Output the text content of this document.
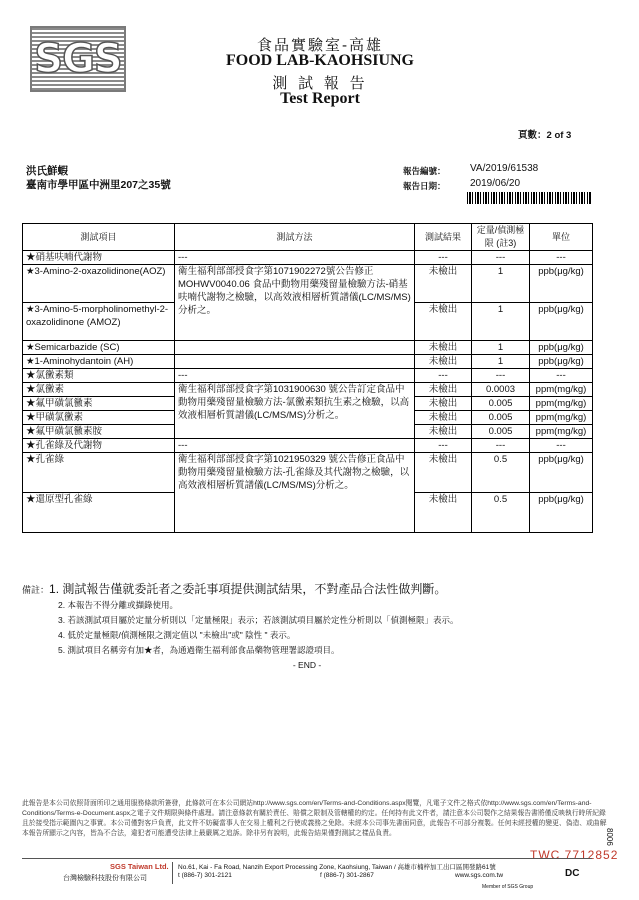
SGS	食品實驗室-高雄
FOOD LAB-KAOHSIUNG
測 試 報 告
Test Report
頁數：2 of 3
洪氏鮮蝦
臺南市學甲區中洲里207之35號
報告編號： VA/2019/61538
報告日期： 2019/06/20
測試項目	測試方法	測試結果	定量/偵測極限 (註3)	單位
★硝基呋喃代謝物	---	---	---	---
★3-Amino-2-oxazolidinone(AOZ)	衛生福利部部授食字第1071902272號公告修正MOHWV0040.06 食品中動物用藥殘留量檢驗方法-硝基呋喃代謝物之檢驗，以高效液相層析質譜儀(LC/MS/MS)分析之。	未檢出	1	ppb(μg/kg)
★3-Amino-5-morpholinomethyl-2-oxazolidinone (AMOZ)		未檢出	1	ppb(μg/kg)
★Semicarbazide (SC)		未檢出	1	ppb(μg/kg)
★1-Aminohydantoin (AH)		未檢出	1	ppb(μg/kg)
★氯黴素類	---	---	---	---
★氯黴素	衛生福利部部授食字第1031900630 號公告訂定食品中動物用藥殘留量檢驗方法-氯黴素類抗生素之檢驗，以高效液相層析質譜儀(LC/MS/MS)分析之。	未檢出	0.0003	ppm(mg/kg)
★氟甲磺氯黴素		未檢出	0.005	ppm(mg/kg)
★甲磺氯黴素		未檢出	0.005	ppm(mg/kg)
★氟甲磺氯黴素胺		未檢出	0.005	ppm(mg/kg)
★孔雀綠及代謝物	---	---	---	---
★孔雀綠	衛生福利部部授食字第1021950329 號公告修正食品中動物用藥殘留量檢驗方法-孔雀綠及其代謝物之檢驗，以高效液相層析質譜儀(LC/MS/MS)分析之。	未檢出	0.5	ppb(μg/kg)
★還原型孔雀綠		未檢出	0.5	ppb(μg/kg)
備註：1. 測試報告僅就委託者之委託事項提供測試結果，不對產品合法性做判斷。
2. 本報告不得分離或擷錄使用。
3. 若該測試項目屬於定量分析則以「定量極限」表示；若該測試項目屬於定性分析則以「偵測極限」表示。
4. 低於定量極限/偵測極限之測定值以 "未檢出"或" 陰性 " 表示。
5. 測試項目名稱旁有加★者，為通過衛生福利部食品藥物管理署認證項目。
- END -
此報告是本公司依照背面所印之通用服務條款所簽發，此條款可在本公司網站http://www.sgs.com/en/Terms-and-Conditions.aspx閱覽，凡電子文件之格式依http://www.sgs.com/en/Terms-and-Conditions/Terms-e-Document.aspx之電子文件期限與條件處理。請注意條款有關於責任、賠償之限制及管轄權的約定。任何持有此文件者，請注意本公司製作之結果報告書將僅反映執行時所紀錄且於接受指示範圍內之事實。本公司僅對客戶負責，此文件不妨礙當事人在交易上權利之行使或義務之免除。未經本公司事先書面同意，此報告不可部分複製。任何未經授權的變更、偽造、或曲解本報告所顯示之內容，皆為不合法，違犯者可能遭受法律上最嚴厲之追訴。除非另有說明，此報告結果僅對測試之樣品負責。
TWC 7712852
8006
SGS Taiwan Ltd.
台灣檢驗科技股份有限公司
No.61, Kai - Fa Road, Nanzih Export Processing Zone, Kaohsiung, Taiwan / 高雄市楠梓加工出口區開發路61號
t (886-7) 301-2121	f (886-7) 301-2867	www.sgs.com.tw	DC
Member of SGS Group
